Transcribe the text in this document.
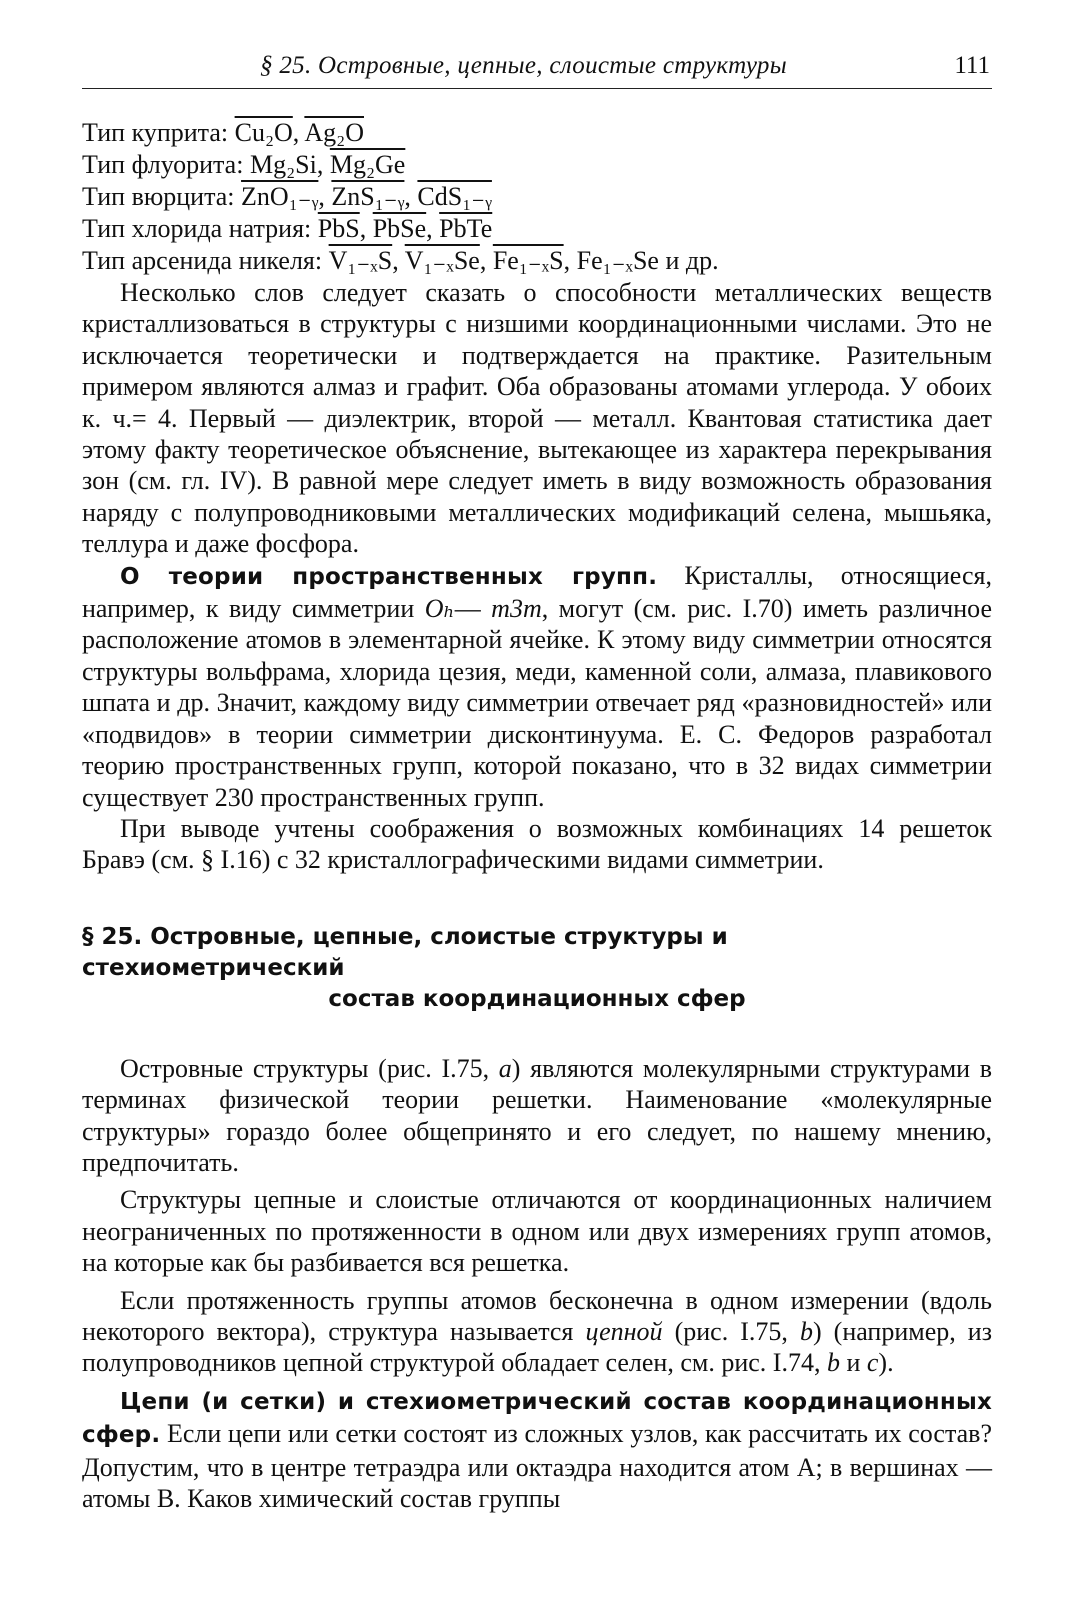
§ 25. Островные, цепные, слоистые структуры	111
Тип куприта: Cu₂O, Ag₂O
Тип флуорита: Mg₂Si, Mg₂Ge
Тип вюрцита: ZnO₁₋ᵧ, ZnS₁₋ᵧ, CdS₁₋ᵧ
Тип хлорида натрия: $\overline{PbS}$, PbSe, PbTe
Тип арсенида никеля: V₁₋ₓS, V₁₋ₓSe, Fe₁₋ₓS, Fe₁₋ₓSe и др.

Несколько слов следует сказать о способности металлических веществ кристаллизоваться в структуры с низшими координационными числами. Это не исключается теоретически и подтверждается на практике. Разительным примером являются алмаз и графит. Оба образованы атомами углерода. У обоих к. ч.= 4. Первый — диэлектрик, второй — металл. Квантовая статистика дает этому факту теоретическое объяснение, вытекающее из характера перекрывания зон (см. гл. IV). В равной мере следует иметь в виду возможность образования наряду с полупроводниковыми металлических модификаций селена, мышьяка, теллура и даже фосфора.

О теории пространственных групп. Кристаллы, относящиеся, например, к виду симметрии Oₕ— m3m, могут (см. рис. I.70) иметь различное расположение атомов в элементарной ячейке. К этому виду симметрии относятся структуры вольфрама, хлорида цезия, меди, каменной соли, алмаза, плавикового шпата и др. Значит, каждому виду симметрии отвечает ряд «разновидностей» или «подвидов» в теории симметрии дисконтинуума. Е. С. Федоров разработал теорию пространственных групп, которой показано, что в 32 видах симметрии существует 230 пространственных групп.

При выводе учтены соображения о возможных комбинациях 14 решеток Бравэ (см. § I.16) с 32 кристаллографическими видами симметрии.

§ 25. Островные, цепные, слоистые структуры и стехиометрический
состав координационных сфер

Островные структуры (рис. I.75, a) являются молекулярными структурами в терминах физической теории решетки. Наименование «молекулярные структуры» гораздо более общепринято и его следует, по нашему мнению, предпочитать.

Структуры цепные и слоистые отличаются от координационных наличием неограниченных по протяженности в одном или двух измерениях групп атомов, на которые как бы разбивается вся решетка.

Если протяженность группы атомов бесконечна в одном измерении (вдоль некоторого вектора), структура называется цепной (рис. I.75, b) (например, из полупроводников цепной структурой обладает селен, см. рис. I.74, b и c).

Цепи (и сетки) и стехиометрический состав координационных сфер. Если цепи или сетки состоят из сложных узлов, как рассчитать их состав? Допустим, что в центре тетраэдра или октаэдра находится атом А; в вершинах — атомы В. Каков химический состав группы
